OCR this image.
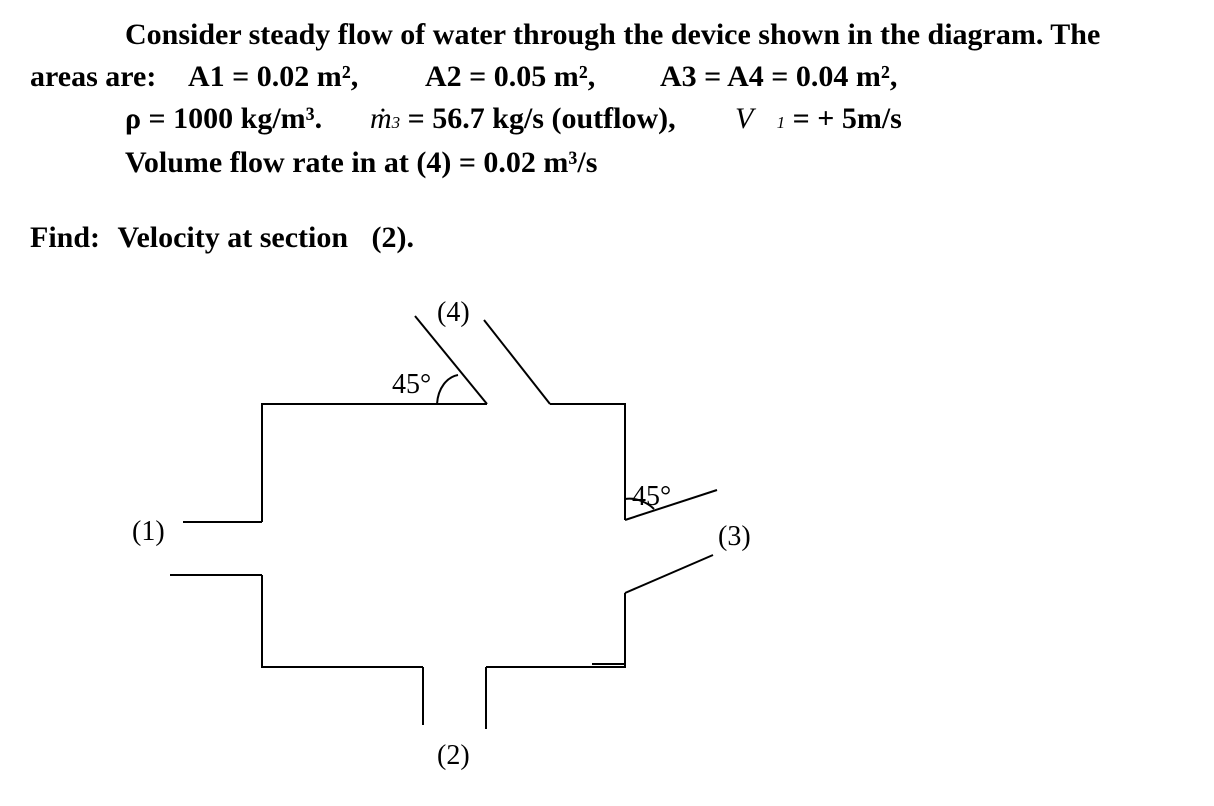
Consider steady flow of water through the device shown in the diagram. The
areas are: A1 = 0.02 m², A2 = 0.05 m², A3 = A4 = 0.04 m²,
ρ = 1000 kg/m³. ṁ3 = 56.7 kg/s (outflow), V⃗1 = + 5m/s
Volume flow rate in at (4) = 0.02 m³/s
Find: Velocity at section (2).
(4)
45°
45°
(1)	(3)
(2)
